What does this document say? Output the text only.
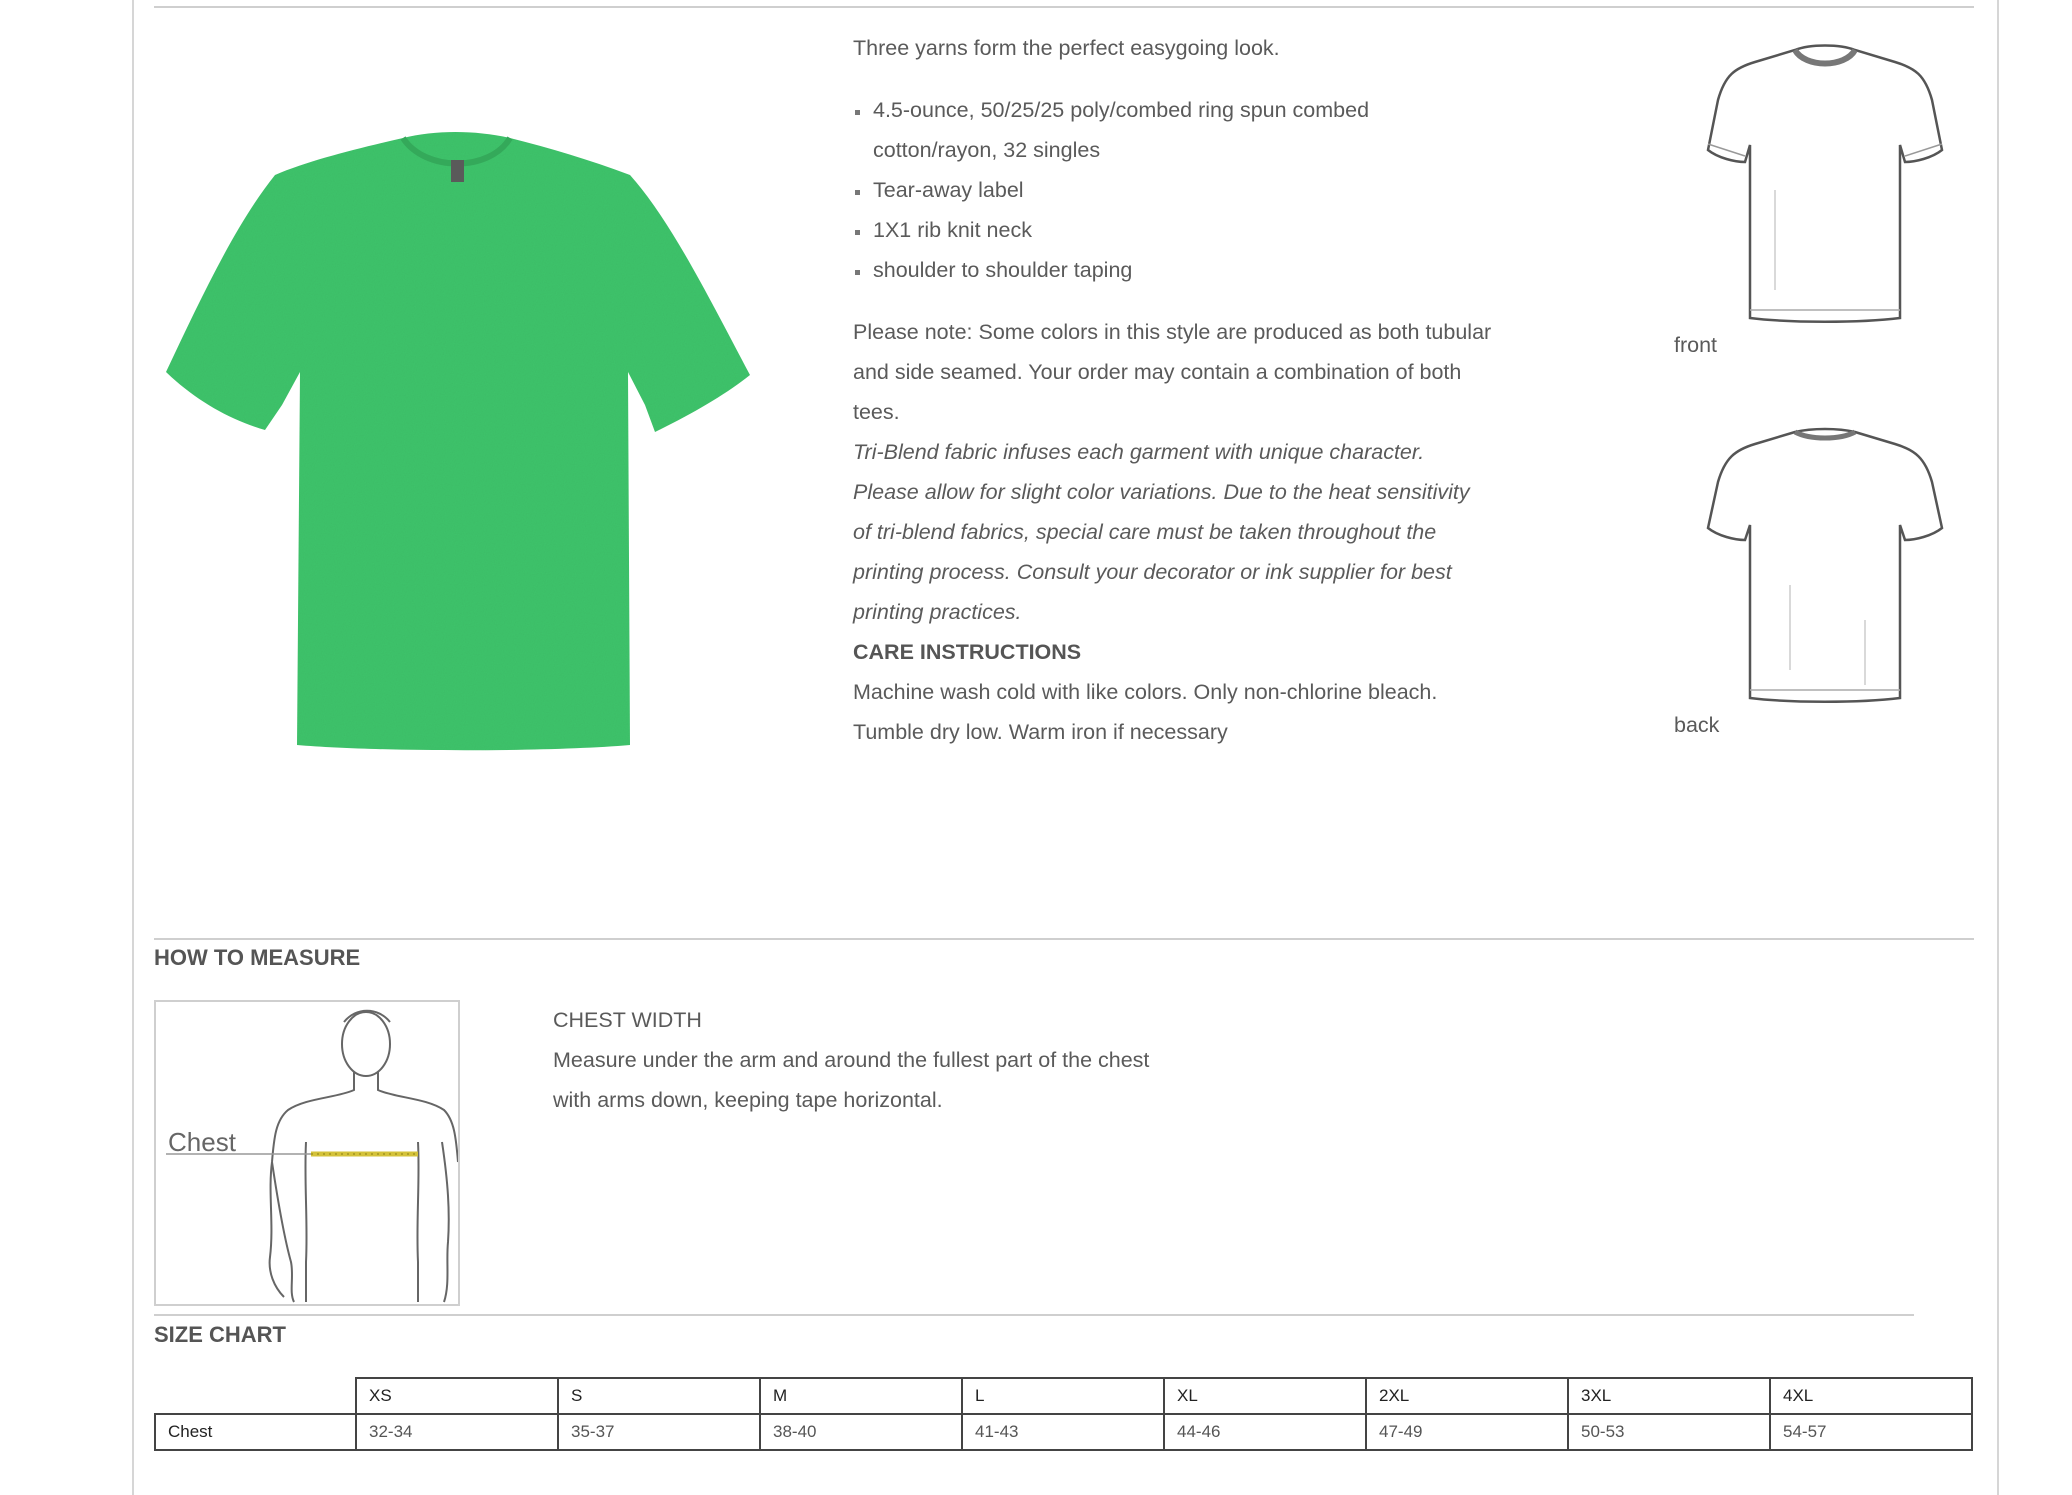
Three yarns form the perfect easygoing look.

4.5-ounce, 50/25/25 poly/combed ring spun combed cotton/rayon, 32 singles
Tear-away label
1X1 rib knit neck
shoulder to shoulder taping

Please note: Some colors in this style are produced as both tubular and side seamed. Your order may contain a combination of both tees.

Tri-Blend fabric infuses each garment with unique character. Please allow for slight color variations. Due to the heat sensitivity of tri-blend fabrics, special care must be taken throughout the printing process. Consult your decorator or ink supplier for best printing practices.

CARE INSTRUCTIONS

Machine wash cold with like colors. Only non-chlorine bleach. Tumble dry low. Warm iron if necessary

front
back
HOW TO MEASURE
Chest

CHEST WIDTH

Measure under the arm and around the fullest part of the chest with arms down, keeping tape horizontal.

SIZE CHART
	XS	S	M	L	XL	2XL	3XL	4XL
Chest	32-34	35-37	38-40	41-43	44-46	47-49	50-53	54-57
